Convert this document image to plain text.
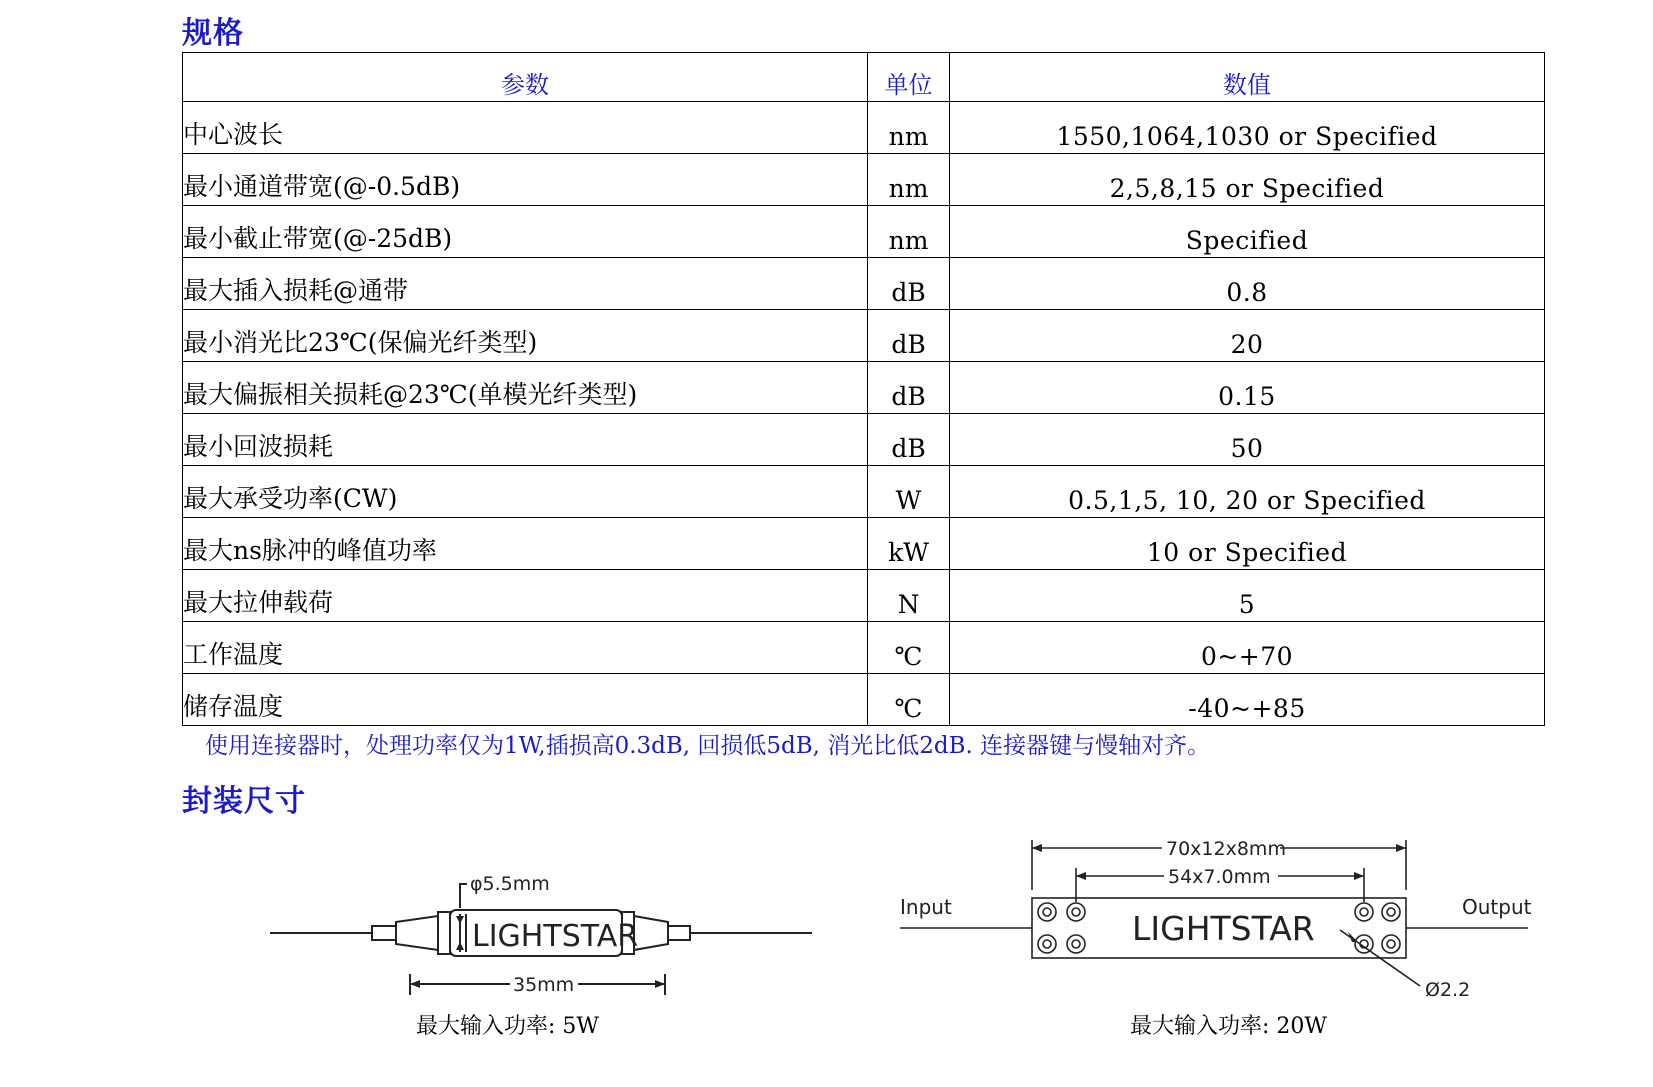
规格
参数	单位	数值
中心波长	nm	1550,1064,1030 or Specified
最小通道带宽(@-0.5dB)	nm	2,5,8,15 or Specified
最小截止带宽(@-25dB)	nm	Specified
最大插入损耗@通带	dB	0.8
最小消光比23℃(保偏光纤类型)	dB	20
最大偏振相关损耗@23℃(单模光纤类型)	dB	0.15
最小回波损耗	dB	50
最大承受功率(CW)	W	0.5,1,5, 10, 20 or Specified
最大ns脉冲的峰值功率	kW	10 or Specified
最大拉伸载荷	N	5
工作温度	℃	0~+70
储存温度	℃	-40~+85
使用连接器时，处理功率仅为1W,插损高0.3dB, 回损低5dB, 消光比低2dB. 连接器键与慢轴对齐。
封装尺寸
LIGHTSTAR
φ5.5mm
35mm
70x12x8mm
54x7.0mm
LIGHTSTAR
Input	Output
Ø2.2
最大输入功率: 5W	最大输入功率: 20W
